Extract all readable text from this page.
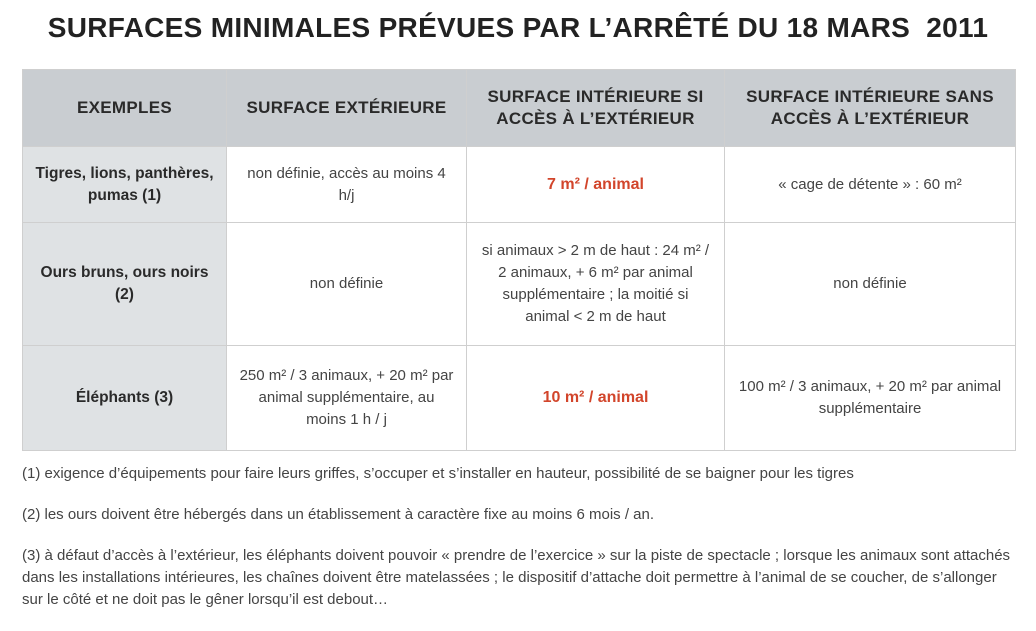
SURFACES MINIMALES PRÉVUES PAR L’ARRÊTÉ DU 18 MARS  2011
EXEMPLES	SURFACE EXTÉRIEURE	SURFACE INTÉRIEURE SI ACCÈS À L’EXTÉRIEUR	SURFACE INTÉRIEURE SANS ACCÈS À L’EXTÉRIEUR
Tigres, lions, panthères, pumas (1)	non définie, accès au moins 4 h/j	7 m² / animal	« cage de détente » : 60 m²
Ours bruns, ours noirs (2)	non définie	si animaux > 2 m de haut : 24 m² / 2 animaux, + 6 m² par animal supplémentaire ; la moitié si animal < 2 m de haut	non définie
Éléphants (3)	250 m² / 3 animaux, + 20 m² par animal supplémentaire, au moins 1 h / j	10 m² / animal	100 m² / 3 animaux, + 20 m² par animal supplémentaire

(1) exigence d’équipements pour faire leurs griffes, s’occuper et s’installer en hauteur, possibilité de se baigner pour les tigres

(2) les ours doivent être hébergés dans un établissement à caractère fixe au moins 6 mois / an.

(3) à défaut d’accès à l’extérieur, les éléphants doivent pouvoir « prendre de l’exercice » sur la piste de spectacle ; lorsque les animaux sont attachés dans les installations intérieures, les chaînes doivent être matelassées ; le dispositif d’attache doit permettre à l’animal de se coucher, de s’allonger sur le côté et ne doit pas le gêner lorsqu’il est debout…
